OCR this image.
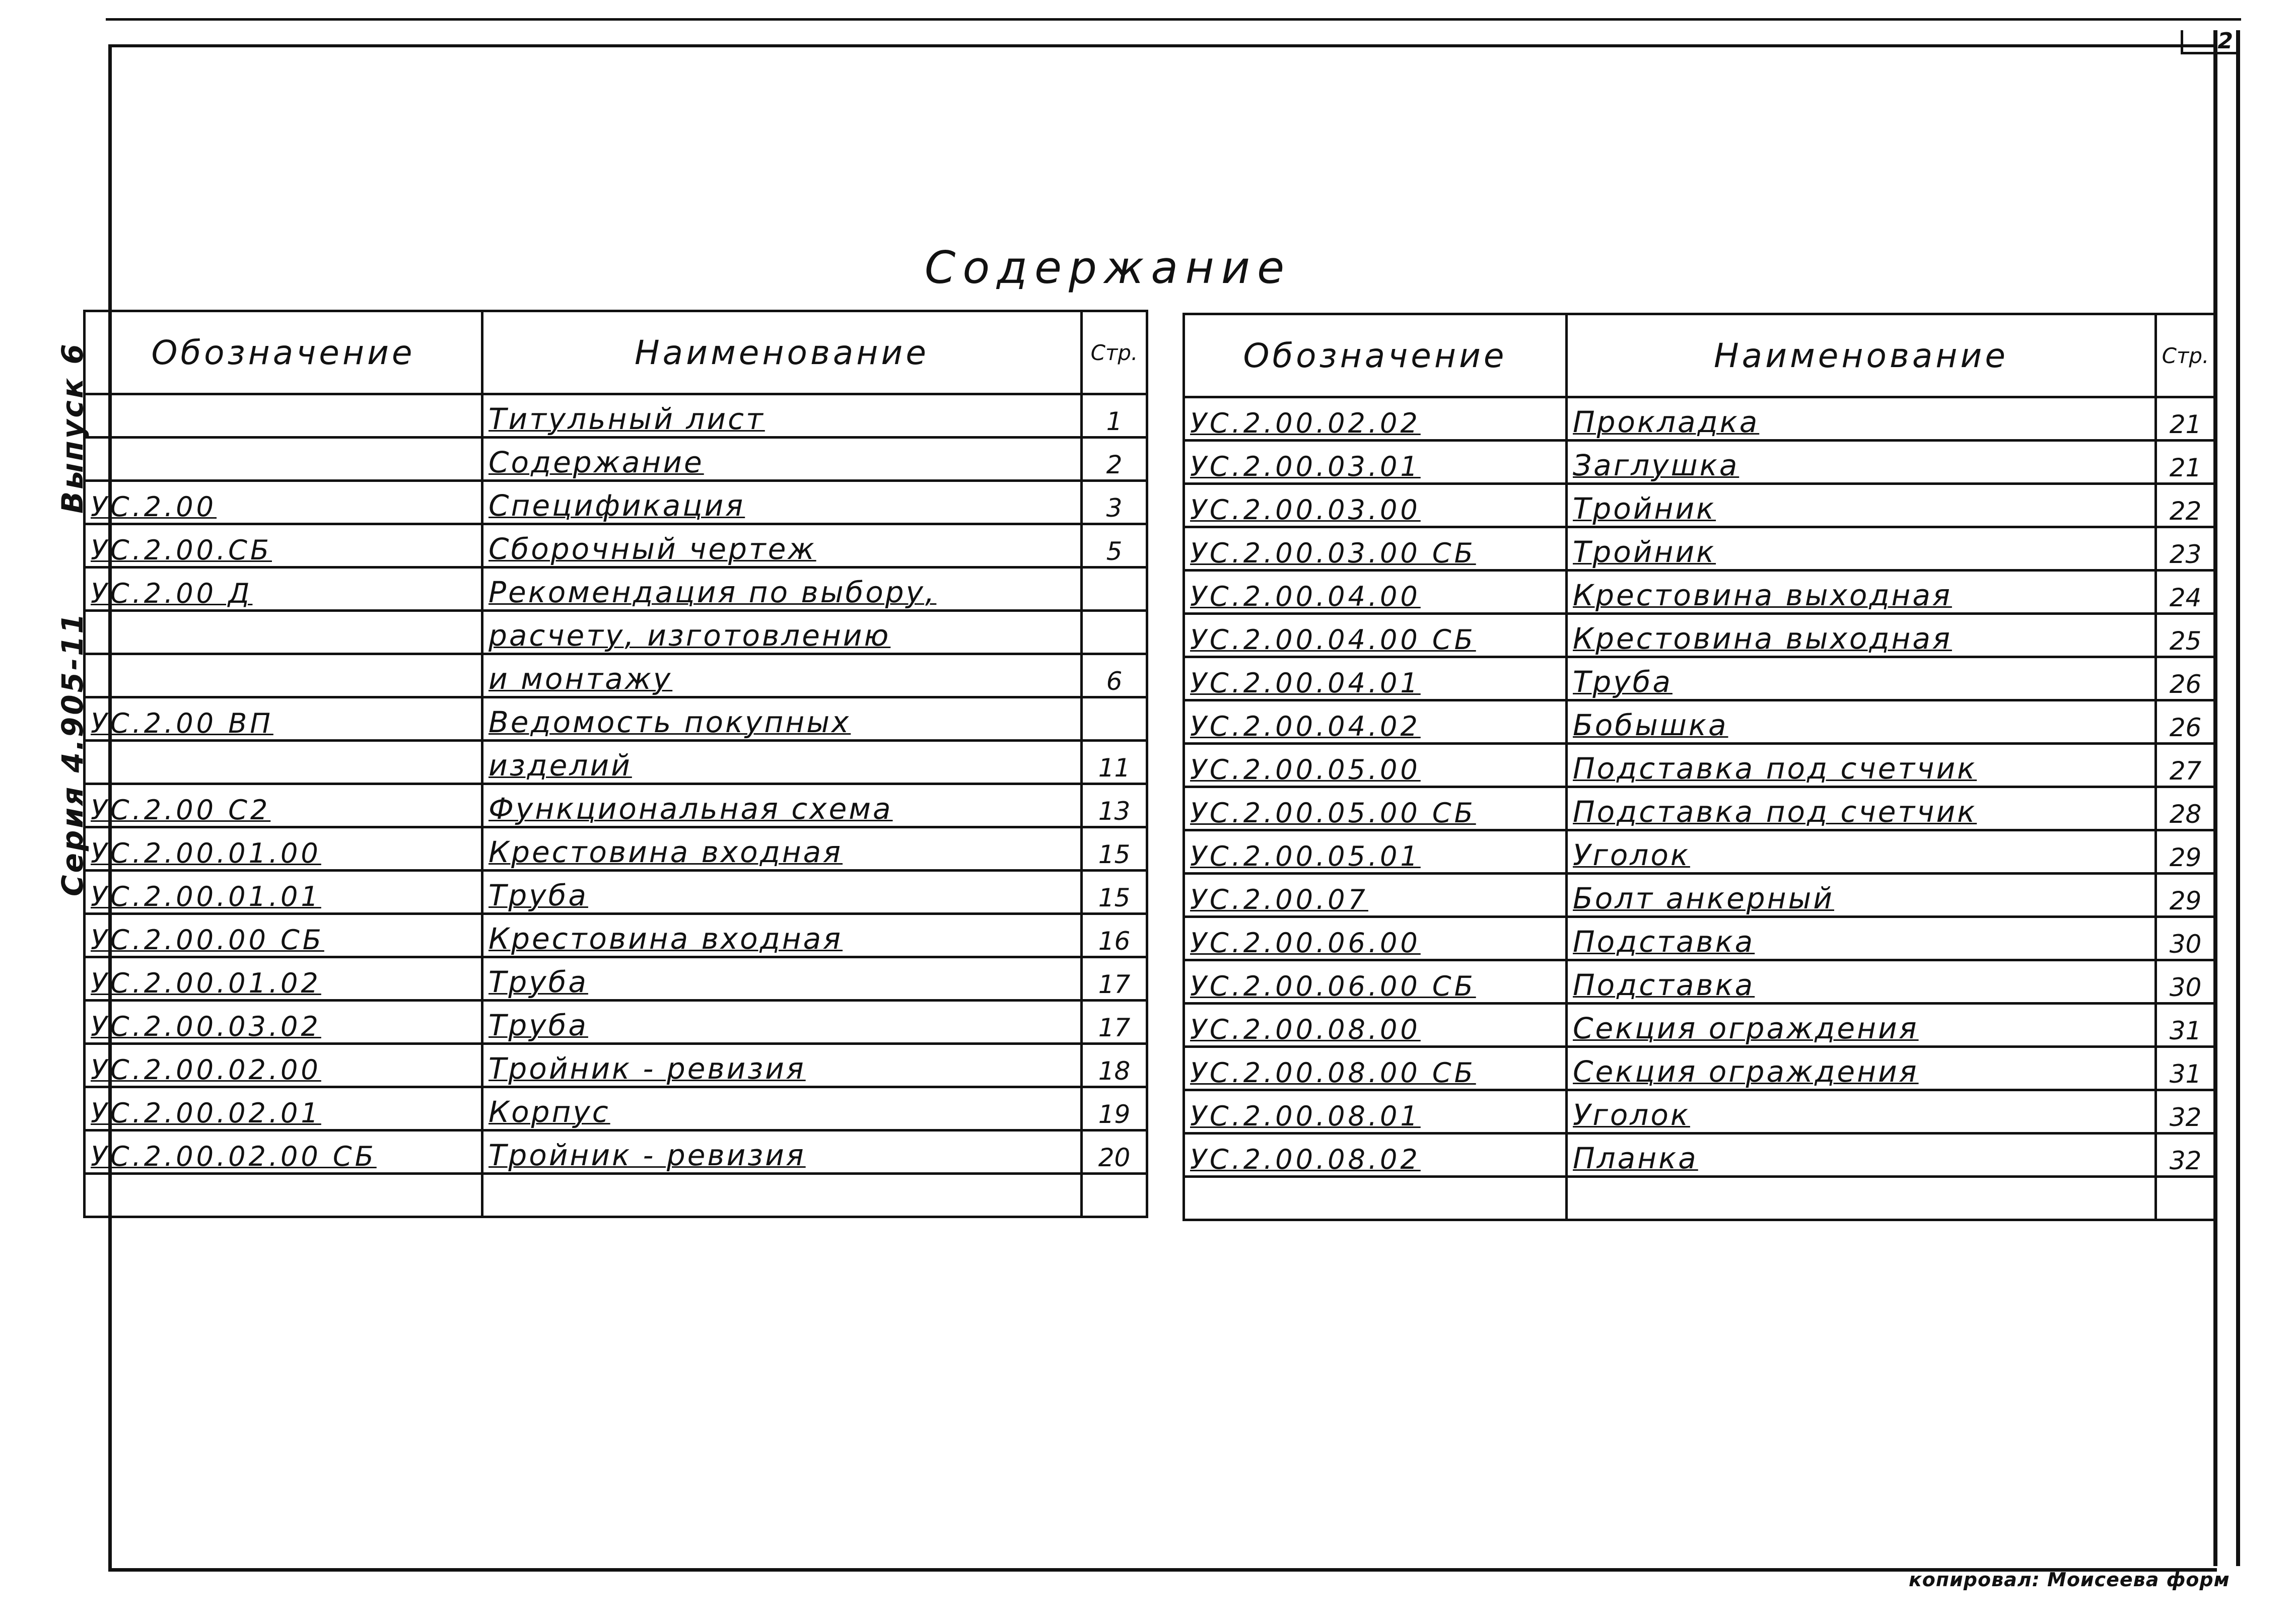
2
Содержание
Выпуск 6
Серия 4.905-11
Обозначение	Наименование	Стр.
	Титульный лист	1
	Содержание	2
УС.2.00	Спецификация	3
УС.2.00.СБ	Сборочный чертеж	5
УС.2.00 Д	Рекомендация по выбору,	
	расчету, изготовлению	
	и монтажу	6
УС.2.00 ВП	Ведомость покупных	
	изделий	11
УС.2.00 С2	Функциональная схема	13
УС.2.00.01.00	Крестовина входная	15
УС.2.00.01.01	Труба	15
УС.2.00.00 СБ	Крестовина входная	16
УС.2.00.01.02	Труба	17
УС.2.00.03.02	Труба	17
УС.2.00.02.00	Тройник - ревизия	18
УС.2.00.02.01	Корпус	19
УС.2.00.02.00 СБ	Тройник - ревизия	20

Обозначение	Наименование	Стр.
УС.2.00.02.02	Прокладка	21
УС.2.00.03.01	Заглушка	21
УС.2.00.03.00	Тройник	22
УС.2.00.03.00 СБ	Тройник	23
УС.2.00.04.00	Крестовина выходная	24
УС.2.00.04.00 СБ	Крестовина выходная	25
УС.2.00.04.01	Труба	26
УС.2.00.04.02	Бобышка	26
УС.2.00.05.00	Подставка под счетчик	27
УС.2.00.05.00 СБ	Подставка под счетчик	28
УС.2.00.05.01	Уголок	29
УС.2.00.07	Болт анкерный	29
УС.2.00.06.00	Подставка	30
УС.2.00.06.00 СБ	Подставка	30
УС.2.00.08.00	Секция ограждения	31
УС.2.00.08.00 СБ	Секция ограждения	31
УС.2.00.08.01	Уголок	32
УС.2.00.08.02	Планка	32

копировал: Моисеева форм
